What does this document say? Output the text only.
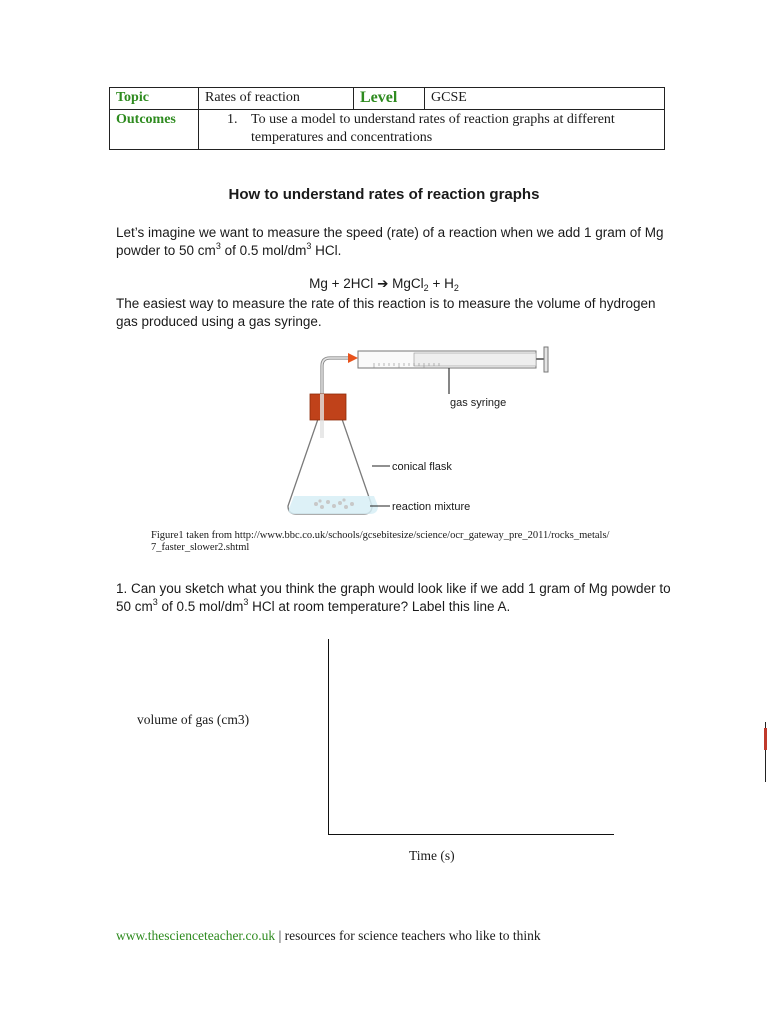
Topic	Rates of reaction	Level	GCSE
Outcomes	1. To use a model to understand rates of reaction graphs at different temperatures and concentrations		
How to understand rates of reaction graphs
Let’s imagine we want to measure the speed (rate) of a reaction when we add 1 gram of Mg powder to 50 $cm^3$ of 0.5 mol/$dm^3$ HCl.
Mg + 2HCl ➔ MgCl$_2$ + $H_2$
The easiest way to measure the rate of this reaction is to measure the volume of hydrogen gas produced using a gas syringe.
gas syringe
conical flask
reaction mixture
Figure1 taken from http://www.bbc.co.uk/schools/gcsebitesize/science/ocr_gateway_pre_2011/rocks_metals/
7_faster_slower2.shtml
1. Can you sketch what you think the graph would look like if we add 1 gram of Mg powder to 50 $cm^3$ of 0.5 mol/$dm^3$ HCl at room temperature? Label this line A.
volume of gas (cm3)
Time (s)
www.thescienceteacher.co.uk | resources for science teachers who like to think
